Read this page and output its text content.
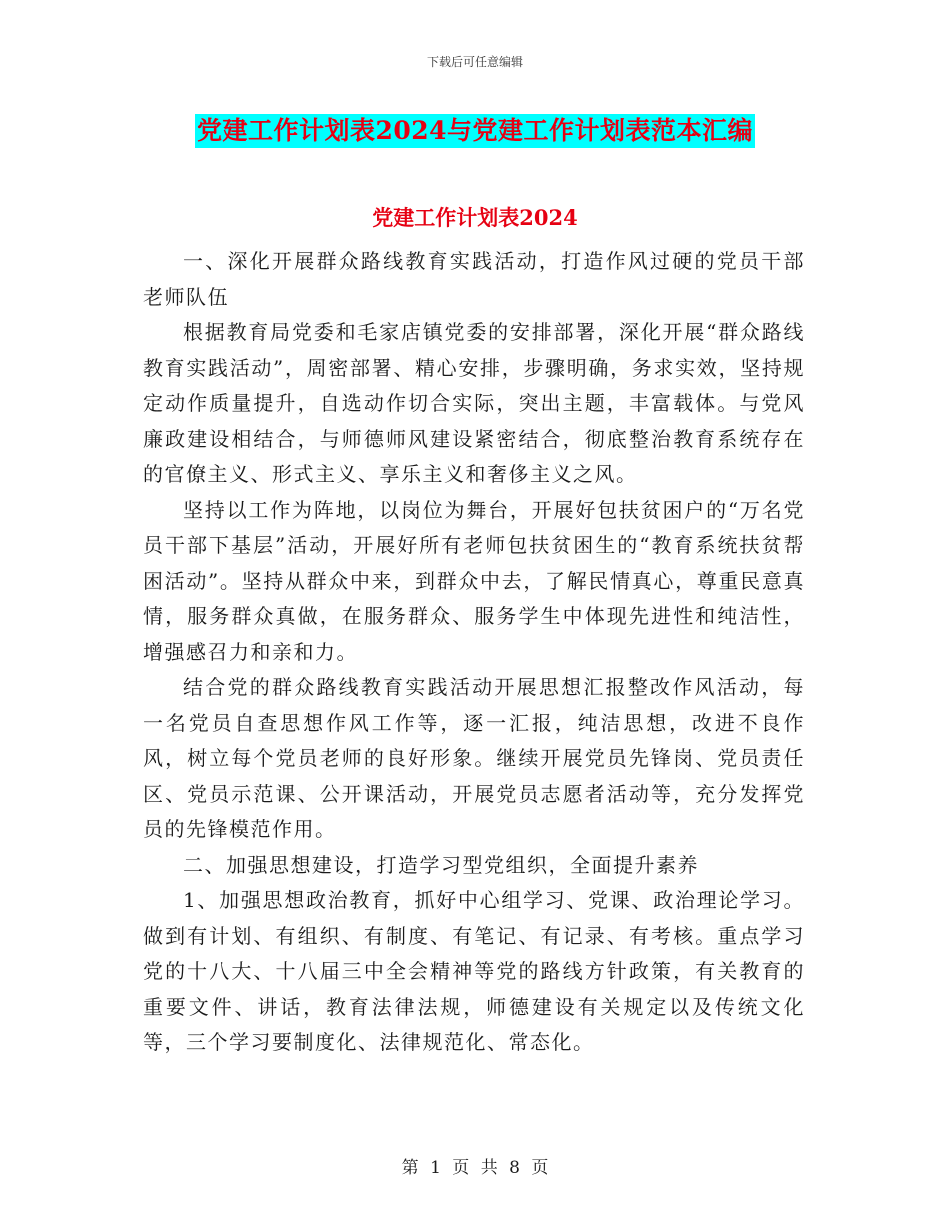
下载后可任意编辑
党建工作计划表2024与党建工作计划表范本汇编
党建工作计划表2024

一、深化开展群众路线教育实践活动，打造作风过硬的党员干部老师队伍

根据教育局党委和毛家店镇党委的安排部署，深化开展“群众路线教育实践活动”，周密部署、精心安排，步骤明确，务求实效，坚持规定动作质量提升，自选动作切合实际，突出主题，丰富载体。与党风廉政建设相结合，与师德师风建设紧密结合，彻底整治教育系统存在的官僚主义、形式主义、享乐主义和奢侈主义之风。

坚持以工作为阵地，以岗位为舞台，开展好包扶贫困户的“万名党员干部下基层”活动，开展好所有老师包扶贫困生的“教育系统扶贫帮困活动”。坚持从群众中来，到群众中去，了解民情真心，尊重民意真情，服务群众真做，在服务群众、服务学生中体现先进性和纯洁性，增强感召力和亲和力。

结合党的群众路线教育实践活动开展思想汇报整改作风活动，每一名党员自查思想作风工作等，逐一汇报，纯洁思想，改进不良作风，树立每个党员老师的良好形象。继续开展党员先锋岗、党员责任区、党员示范课、公开课活动，开展党员志愿者活动等，充分发挥党员的先锋模范作用。

二、加强思想建设，打造学习型党组织，全面提升素养

1、加强思想政治教育，抓好中心组学习、党课、政治理论学习。做到有计划、有组织、有制度、有笔记、有记录、有考核。重点学习党的十八大、十八届三中全会精神等党的路线方针政策，有关教育的重要文件、讲话，教育法律法规，师德建设有关规定以及传统文化等，三个学习要制度化、法律规范化、常态化。

第 1 页 共 8 页
